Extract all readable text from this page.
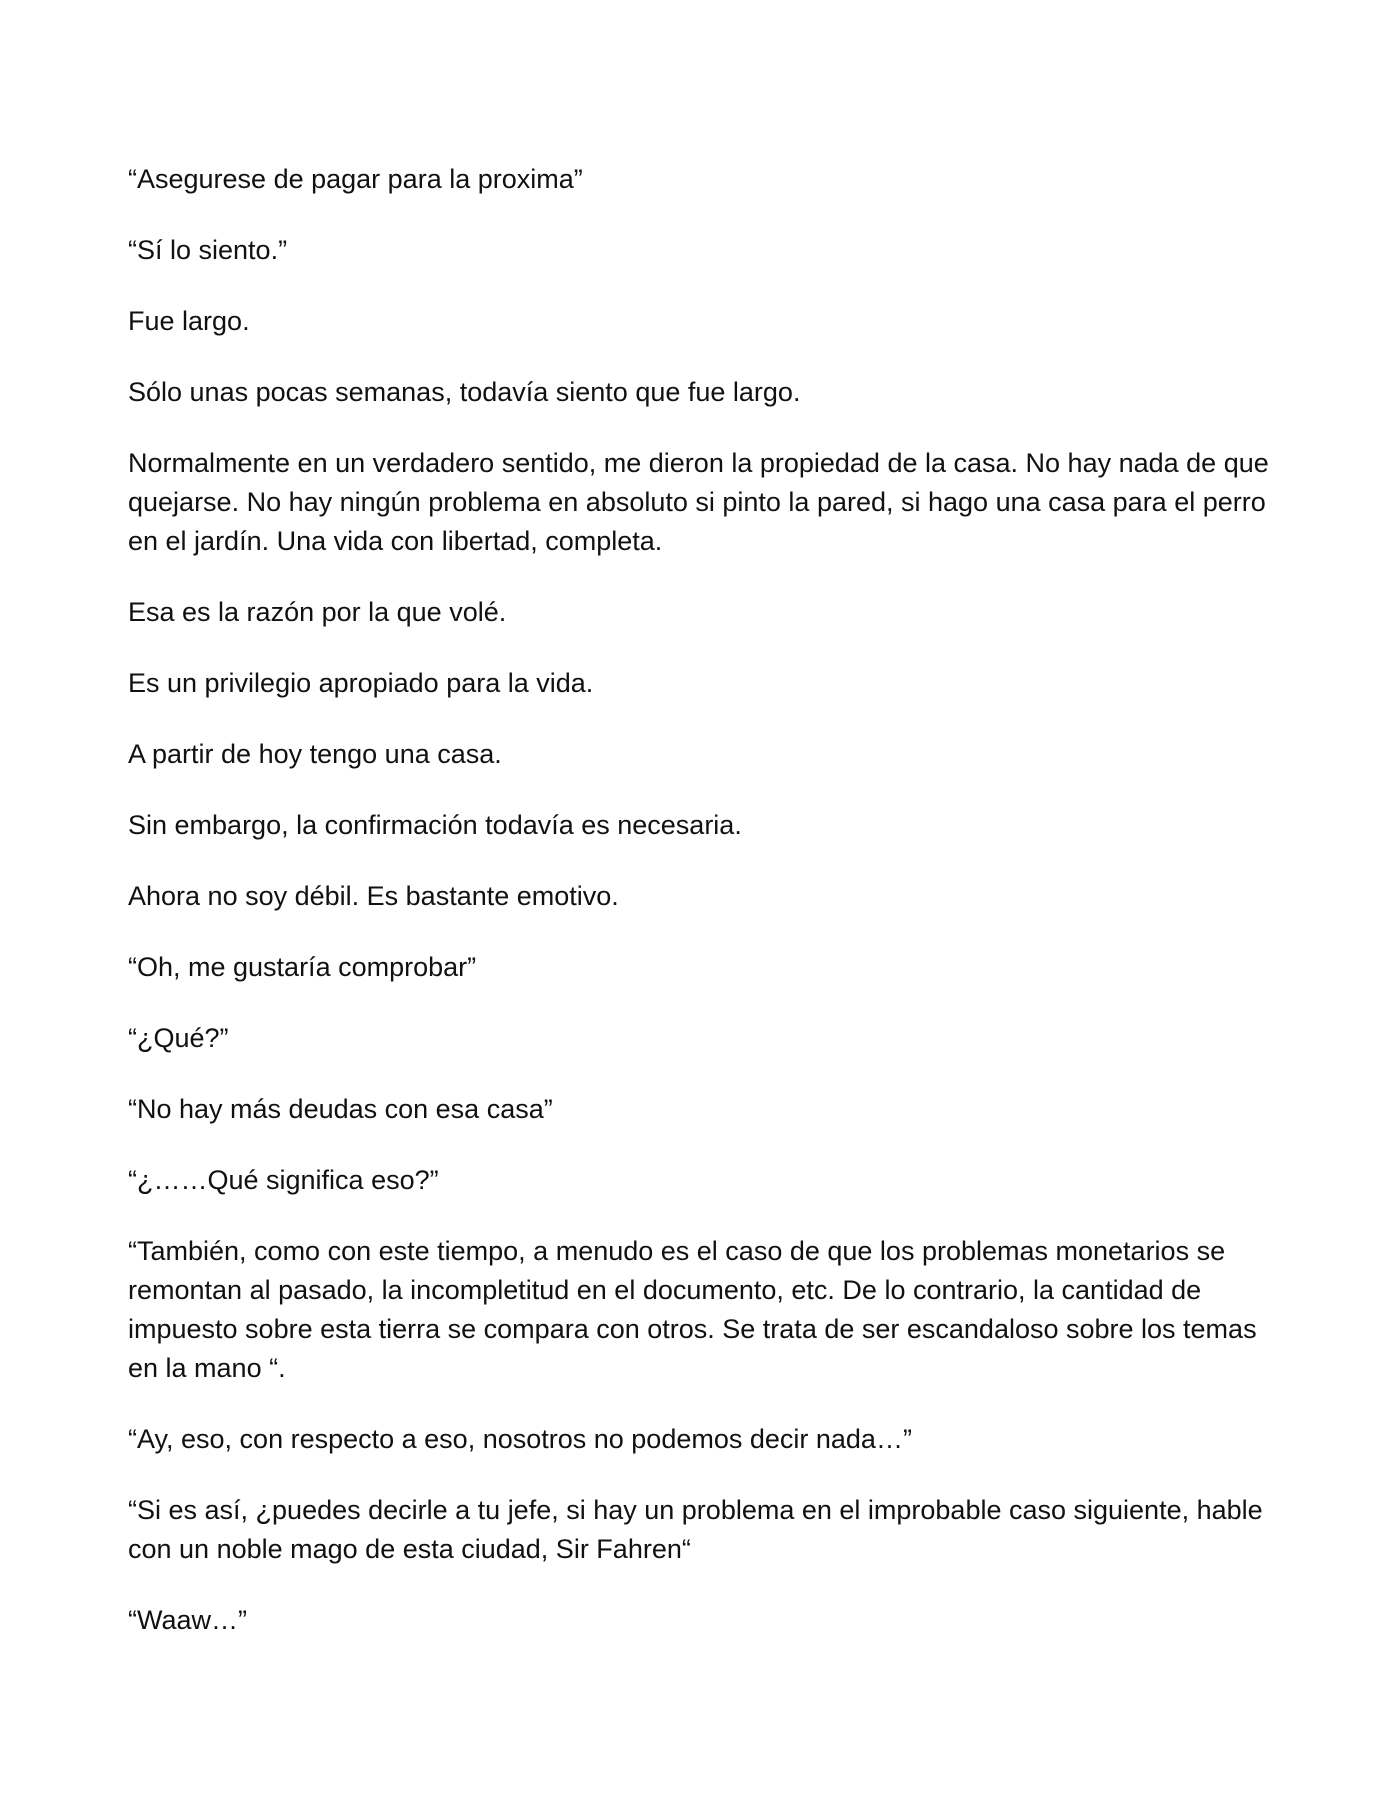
“Asegurese de pagar para la proxima”

“Sí lo siento.”

Fue largo.

Sólo unas pocas semanas, todavía siento que fue largo.

Normalmente en un verdadero sentido, me dieron la propiedad de la casa. No hay nada de que quejarse. No hay ningún problema en absoluto si pinto la pared, si hago una casa para el perro en el jardín. Una vida con libertad, completa.

Esa es la razón por la que volé.

Es un privilegio apropiado para la vida.

A partir de hoy tengo una casa.

Sin embargo, la confirmación todavía es necesaria.

Ahora no soy débil. Es bastante emotivo.

“Oh, me gustaría comprobar”

“¿Qué?”

“No hay más deudas con esa casa”

“¿……Qué significa eso?”

“También, como con este tiempo, a menudo es el caso de que los problemas monetarios se remontan al pasado, la incompletitud en el documento, etc. De lo contrario, la cantidad de impuesto sobre esta tierra se compara con otros. Se trata de ser escandaloso sobre los temas en la mano “.

“Ay, eso, con respecto a eso, nosotros no podemos decir nada…”

“Si es así, ¿puedes decirle a tu jefe, si hay un problema en el improbable caso siguiente, hable con un noble mago de esta ciudad, Sir Fahren“

“Waaw…”
